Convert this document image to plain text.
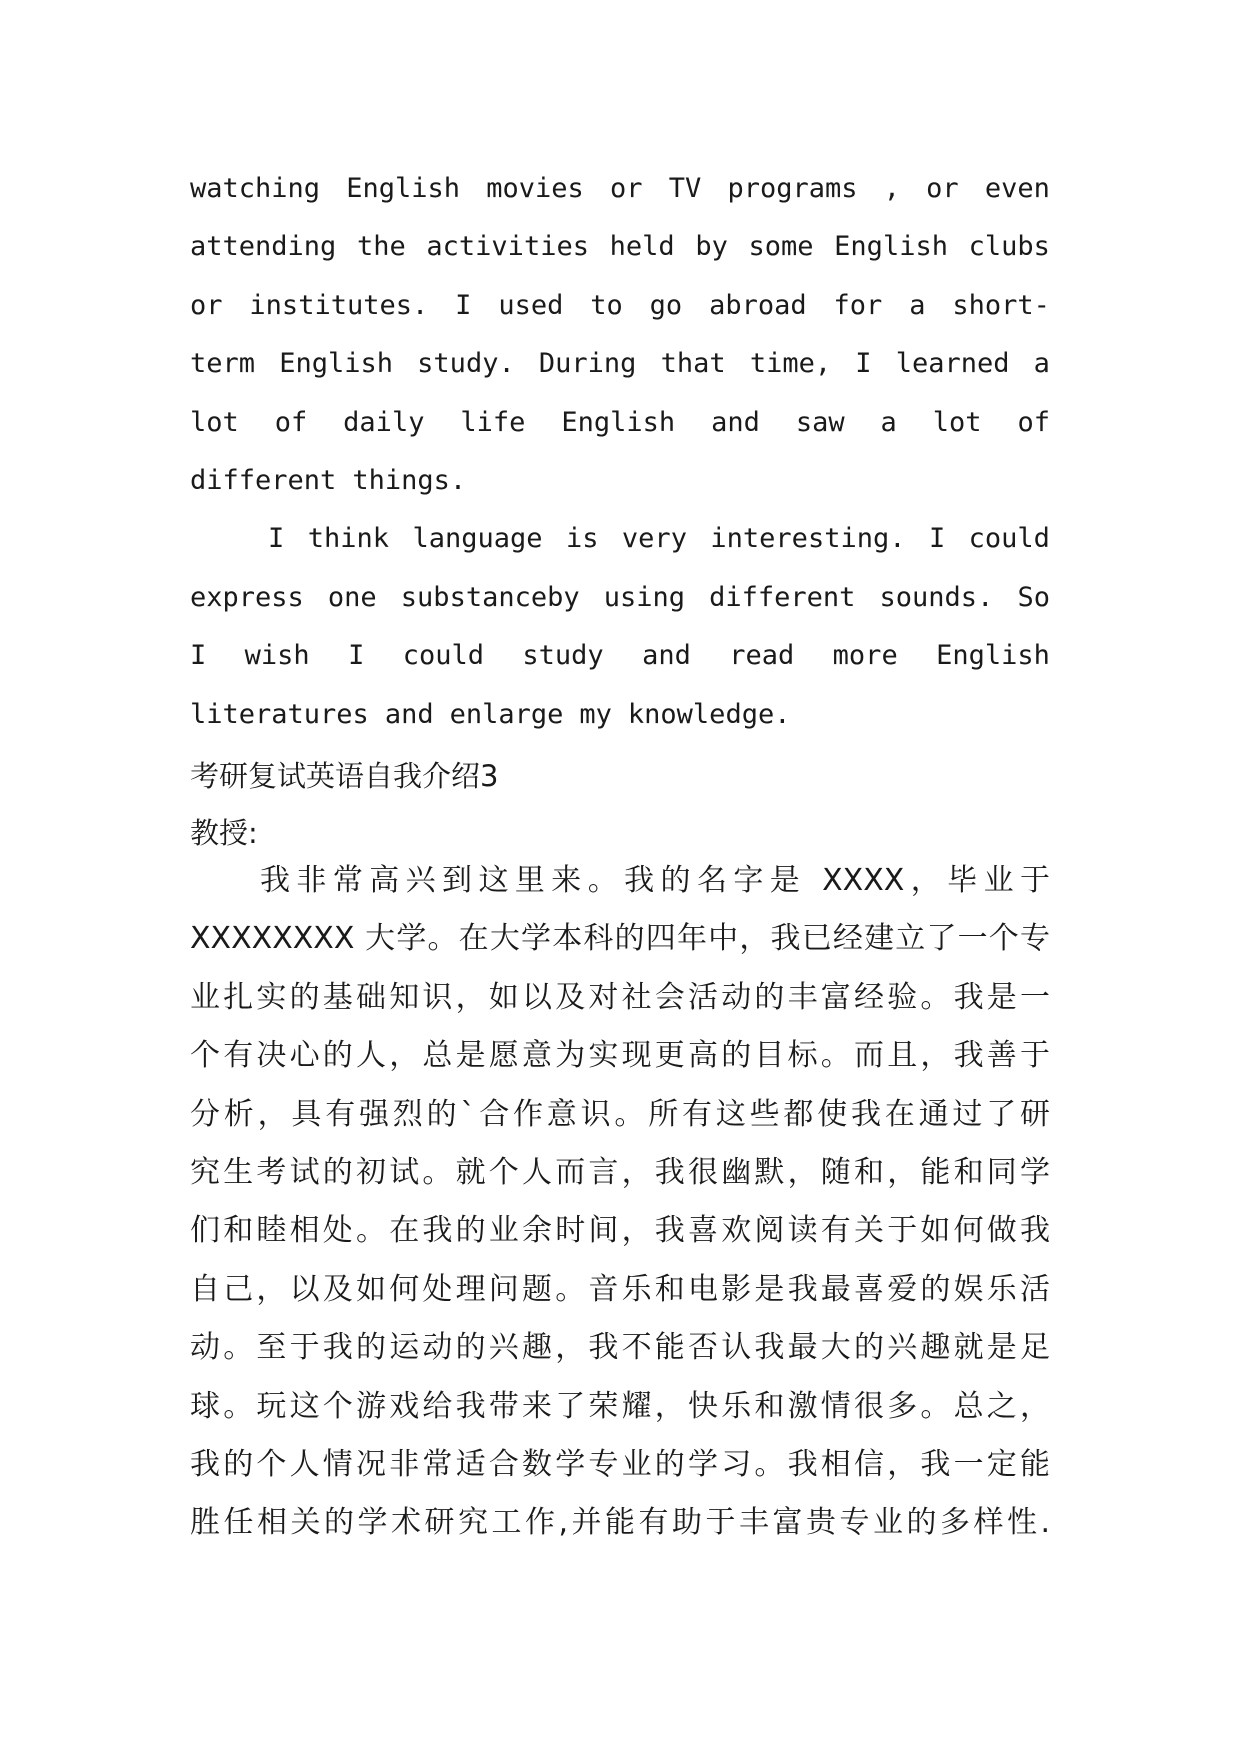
watching English movies or TV programs , or even
attending the activities held by some English clubs
or institutes. I used to go abroad for a short-
term English study. During that time, I learned a
lot of daily life English and saw a lot of
different things.
I think language is very interesting. I could
express one substanceby using different sounds. So
I wish I could study and read more English
literatures and enlarge my knowledge.
考研复试英语自我介绍3
教授:
我非常高兴到这里来。我的名字是 XXXX，毕业于
XXXXXXXX 大学。在大学本科的四年中，我已经建立了一个专
业扎实的基础知识，如以及对社会活动的丰富经验。我是一
个有决心的人，总是愿意为实现更高的目标。而且，我善于
分析，具有强烈的`合作意识。所有这些都使我在通过了研
究生考试的初试。就个人而言，我很幽默，随和，能和同学
们和睦相处。在我的业余时间，我喜欢阅读有关于如何做我
自己，以及如何处理问题。音乐和电影是我最喜爱的娱乐活
动。至于我的运动的兴趣，我不能否认我最大的兴趣就是足
球。玩这个游戏给我带来了荣耀，快乐和激情很多。总之，
我的个人情况非常适合数学专业的学习。我相信，我一定能
胜任相关的学术研究工作,并能有助于丰富贵专业的多样性.
